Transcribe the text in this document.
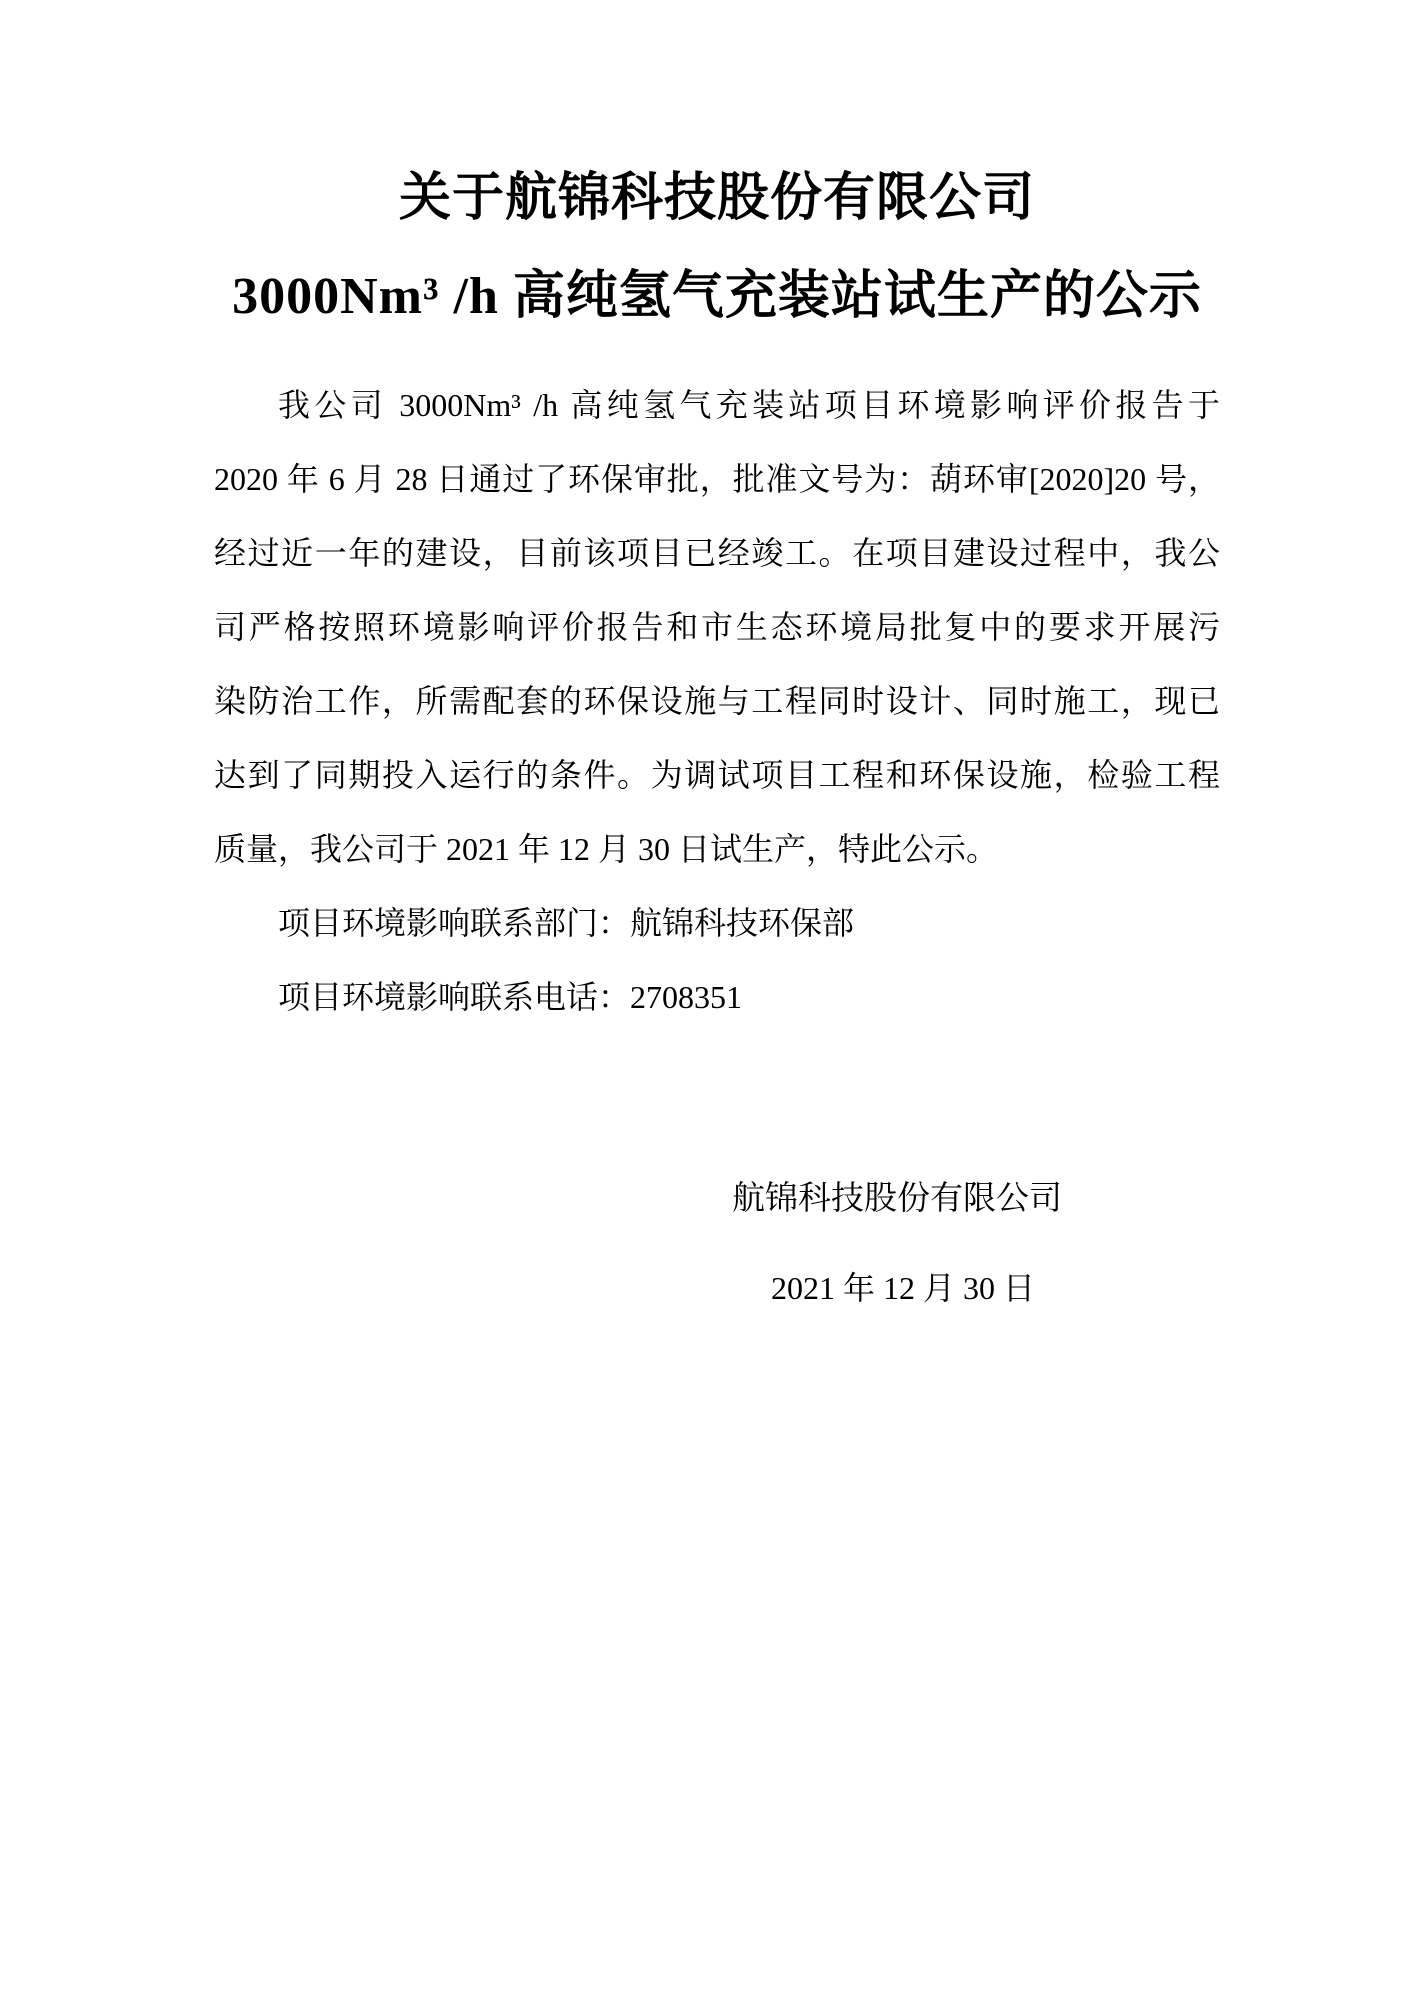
关于航锦科技股份有限公司
3000Nm³ /h 高纯氢气充装站试生产的公示
我公司 3000Nm³ /h 高纯氢气充装站项目环境影响评价报告于
2020 年 6 月 28 日通过了环保审批，批准文号为：葫环审[2020]20 号，
经过近一年的建设，目前该项目已经竣工。在项目建设过程中，我公
司严格按照环境影响评价报告和市生态环境局批复中的要求开展污
染防治工作，所需配套的环保设施与工程同时设计、同时施工，现已
达到了同期投入运行的条件。为调试项目工程和环保设施，检验工程
质量，我公司于 2021 年 12 月 30 日试生产，特此公示。
项目环境影响联系部门：航锦科技环保部
项目环境影响联系电话：2708351
航锦科技股份有限公司
2021 年 12 月 30 日
